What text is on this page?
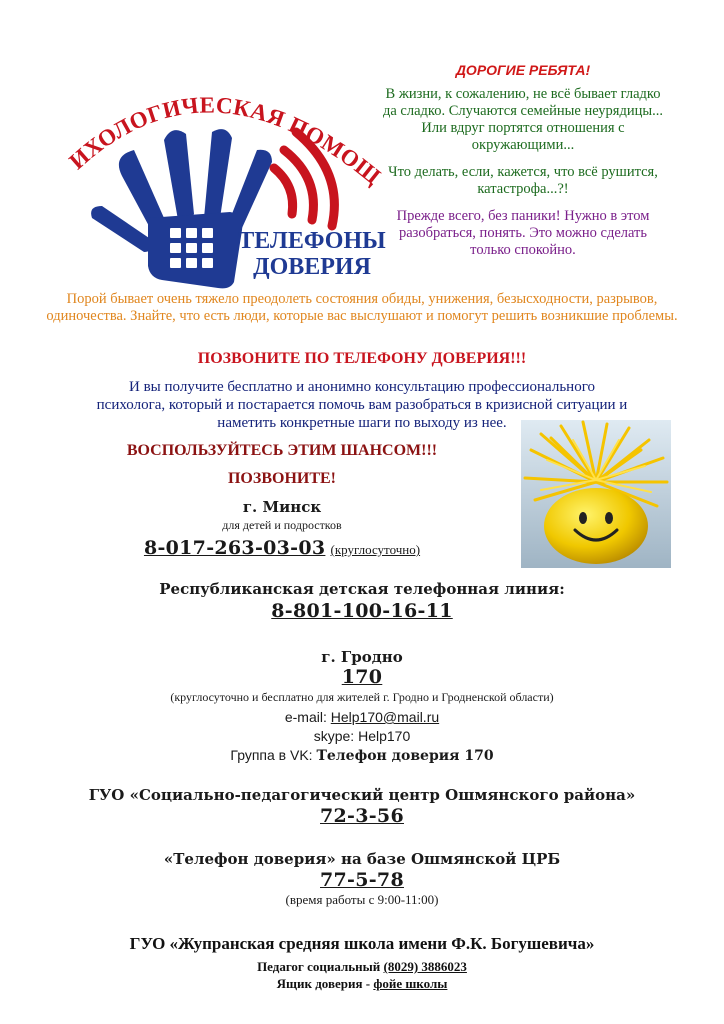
ИХОЛОГИЧЕСКАЯ ПОМО
ТЕЛЕФОНЫ
ДОВЕРИЯ
ДОРОГИЕ РЕБЯТА!
В жизни, к сожалению, не всё бывает гладко да сладко. Случаются семейные неурядицы... Или вдруг портятся отношения с окружающими...
Что делать, если, кажется, что всё рушится, катастрофа...?!
Прежде всего, без паники! Нужно в этом разобраться, понять. Это можно сделать только спокойно.
Порой бывает очень тяжело преодолеть состояния обиды, унижения, безысходности, разрывов, одиночества. Знайте, что есть люди, которые вас выслушают и помогут решить возникшие проблемы.
ПОЗВОНИТЕ ПО ТЕЛЕФОНУ ДОВЕРИЯ!!!
И вы получите бесплатно и анонимно консультацию профессионального
психолога, который и постарается помочь вам разобраться в кризисной ситуации и
наметить конкретные шаги по выходу из нее.
ВОСПОЛЬЗУЙТЕСЬ ЭТИМ ШАНСОМ!!!
ПОЗВОНИТЕ!
г. Минск
для детей и подростков
8-017-263-03-03 (круглосуточно)
Республиканская детская телефонная линия:
8-801-100-16-11
г. Гродно
170
(круглосуточно и бесплатно для жителей г. Гродно и Гродненской области)
e-mail: Help170@mail.ru
skype: Help170
Группа в VK: Телефон доверия 170
ГУО «Социально-педагогический центр Ошмянского района»
72-3-56
«Телефон доверия» на базе Ошмянской ЦРБ
77-5-78
(время работы с 9:00-11:00)
ГУО «Жупранская средняя школа имени Ф.К. Богушевича»
Педагог социальный (8029) 3886023
Ящик доверия - фойе школы
